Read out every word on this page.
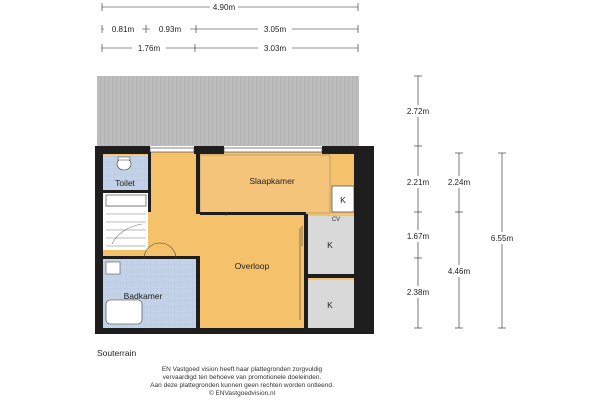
4.90m
0.81m	0.93m	3.05m
1.76m	3.03m
Toilet	Slaapkamer
Overloop
Badkamer
K
K
K
CV
2.72m
2.21m 2.24m
1.67m
2.38m
4.46m
6.55m
Souterrain
EN Vastgoed vision heeft haar plattegronden zorgvuldig
vervaardigd ten behoeve van promotionele doeleinden.
Aan deze plattegronden kunnen geen rechten worden ontleend.
© ENVastgoedvision.nl
